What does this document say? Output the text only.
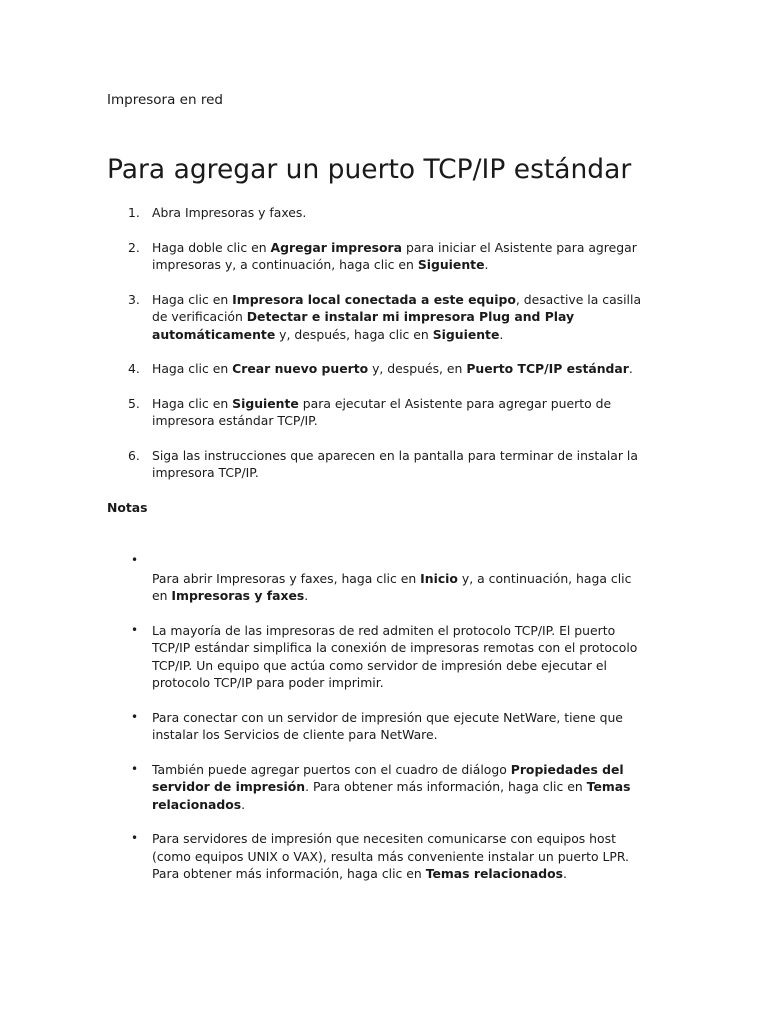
Impresora en red
Para agregar un puerto TCP/IP estándar
1. Abra Impresoras y faxes.
2. Haga doble clic en Agregar impresora para iniciar el Asistente para agregar
impresoras y, a continuación, haga clic en Siguiente.
3. Haga clic en Impresora local conectada a este equipo, desactive la casilla
de verificación Detectar e instalar mi impresora Plug and Play
automáticamente y, después, haga clic en Siguiente.
4. Haga clic en Crear nuevo puerto y, después, en Puerto TCP/IP estándar.
5. Haga clic en Siguiente para ejecutar el Asistente para agregar puerto de
impresora estándar TCP/IP.
6. Siga las instrucciones que aparecen en la pantalla para terminar de instalar la
impresora TCP/IP.
Notas
•
Para abrir Impresoras y faxes, haga clic en Inicio y, a continuación, haga clic
en Impresoras y faxes.
• La mayoría de las impresoras de red admiten el protocolo TCP/IP. El puerto
TCP/IP estándar simplifica la conexión de impresoras remotas con el protocolo
TCP/IP. Un equipo que actúa como servidor de impresión debe ejecutar el
protocolo TCP/IP para poder imprimir.
• Para conectar con un servidor de impresión que ejecute NetWare, tiene que
instalar los Servicios de cliente para NetWare.
• También puede agregar puertos con el cuadro de diálogo Propiedades del
servidor de impresión. Para obtener más información, haga clic en Temas
relacionados.
• Para servidores de impresión que necesiten comunicarse con equipos host
(como equipos UNIX o VAX), resulta más conveniente instalar un puerto LPR.
Para obtener más información, haga clic en Temas relacionados.
